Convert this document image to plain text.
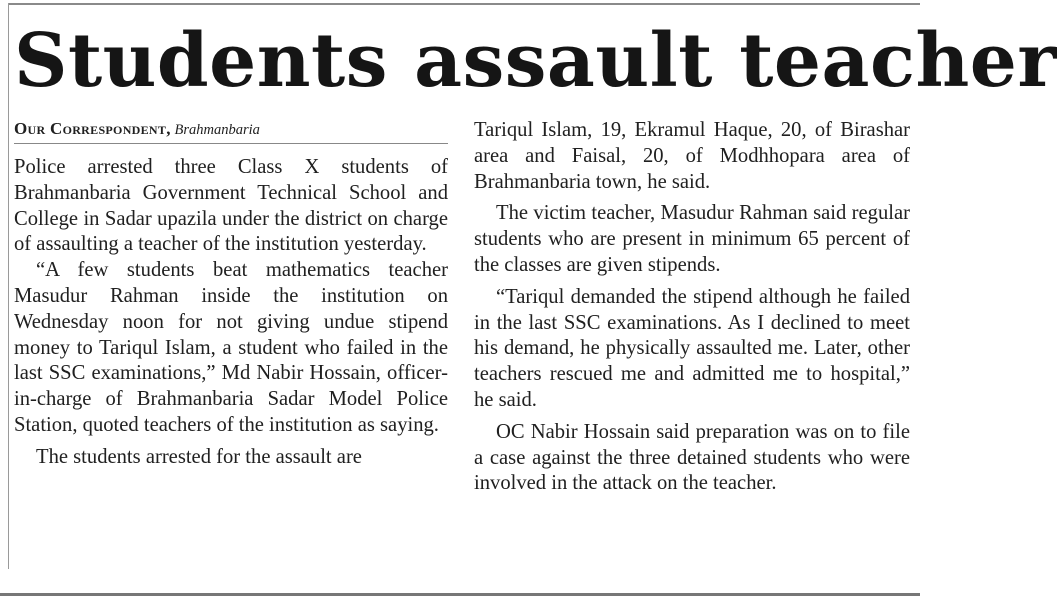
Students assault teacher
Our Correspondent, Brahmanbaria

Police arrested three Class X students of Brahmanbaria Government Technical School and College in Sadar upazila under the district on charge of assaulting a teacher of the institution yesterday.

“A few students beat mathematics teacher Masudur Rahman inside the institution on Wednesday noon for not giving undue stipend money to Tariqul Islam, a student who failed in the last SSC examinations,” Md Nabir Hossain, officer-in-charge of Brahmanbaria Sadar Model Police Station, quoted teachers of the institution as saying.

The students arrested for the assault are

Tariqul Islam, 19, Ekramul Haque, 20, of Birashar area and Faisal, 20, of Modhhopara area of Brahmanbaria town, he said.

The victim teacher, Masudur Rahman said regular students who are present in minimum 65 percent of the classes are given stipends.

“Tariqul demanded the stipend although he failed in the last SSC examinations. As I declined to meet his demand, he physically assaulted me. Later, other teachers rescued me and admitted me to hospital,” he said.

OC Nabir Hossain said preparation was on to file a case against the three detained students who were involved in the attack on the teacher.
